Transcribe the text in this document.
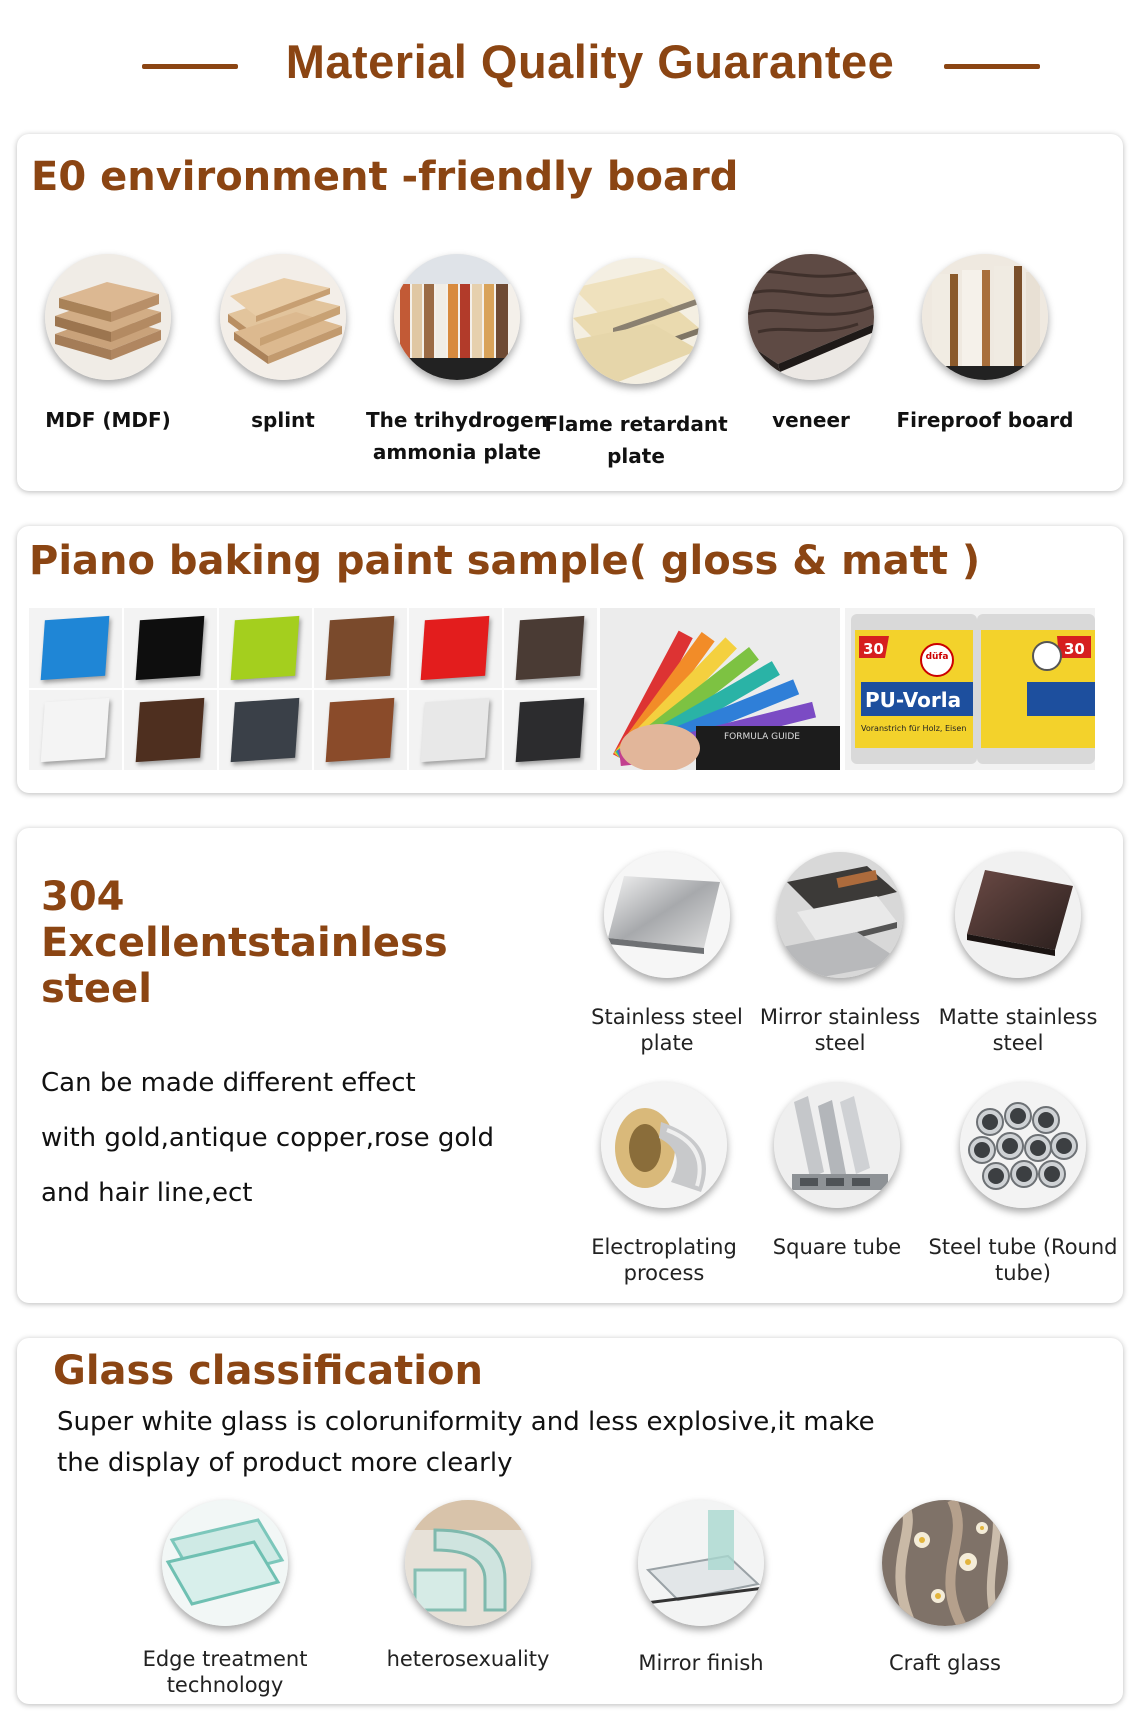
Material Quality Guarantee
E0 environment -friendly board
MDF (MDF)	splint	The trihydrogen ammonia plate
Flame retardant plate
veneer	Fireproof board
Piano baking paint sample( gloss & matt )
FORMULA GUIDE
30	30
düfa
PU-Vorla
Voranstrich für Holz, Eisen
304 Excellentstainless steel
Can be made different effect
with gold,antique copper,rose gold
and hair line,ect
Stainless steel plate
Mirror stainless steel
Matte stainless steel
Electroplating process
Square tube	Steel tube (Round tube)
Glass classification
Super white glass is coloruniformity and less explosive,it make
the display of product more clearly
Edge treatment technology
heterosexuality	Mirror finish	Craft glass
